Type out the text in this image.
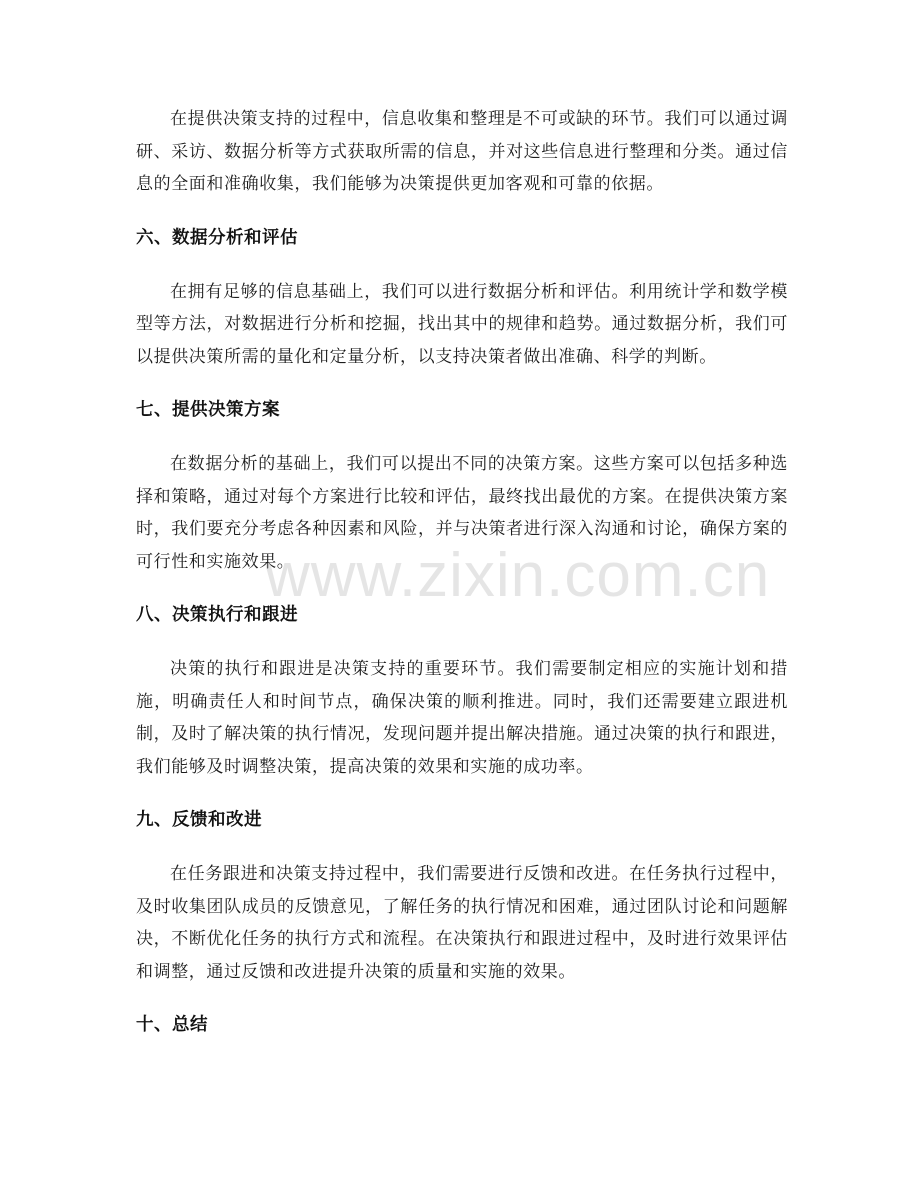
在提供决策支持的过程中，信息收集和整理是不可或缺的环节。我们可以通过调研、采访、数据分析等方式获取所需的信息，并对这些信息进行整理和分类。通过信息的全面和准确收集，我们能够为决策提供更加客观和可靠的依据。

六、数据分析和评估

在拥有足够的信息基础上，我们可以进行数据分析和评估。利用统计学和数学模型等方法，对数据进行分析和挖掘，找出其中的规律和趋势。通过数据分析，我们可以提供决策所需的量化和定量分析，以支持决策者做出准确、科学的判断。

七、提供决策方案

在数据分析的基础上，我们可以提出不同的决策方案。这些方案可以包括多种选择和策略，通过对每个方案进行比较和评估，最终找出最优的方案。在提供决策方案时，我们要充分考虑各种因素和风险，并与决策者进行深入沟通和讨论，确保方案的可行性和实施效果。

八、决策执行和跟进

决策的执行和跟进是决策支持的重要环节。我们需要制定相应的实施计划和措施，明确责任人和时间节点，确保决策的顺利推进。同时，我们还需要建立跟进机制，及时了解决策的执行情况，发现问题并提出解决措施。通过决策的执行和跟进，我们能够及时调整决策，提高决策的效果和实施的成功率。

九、反馈和改进

在任务跟进和决策支持过程中，我们需要进行反馈和改进。在任务执行过程中，及时收集团队成员的反馈意见，了解任务的执行情况和困难，通过团队讨论和问题解决，不断优化任务的执行方式和流程。在决策执行和跟进过程中，及时进行效果评估和调整，通过反馈和改进提升决策的质量和实施的效果。

十、总结
www.zixin.com.cn
